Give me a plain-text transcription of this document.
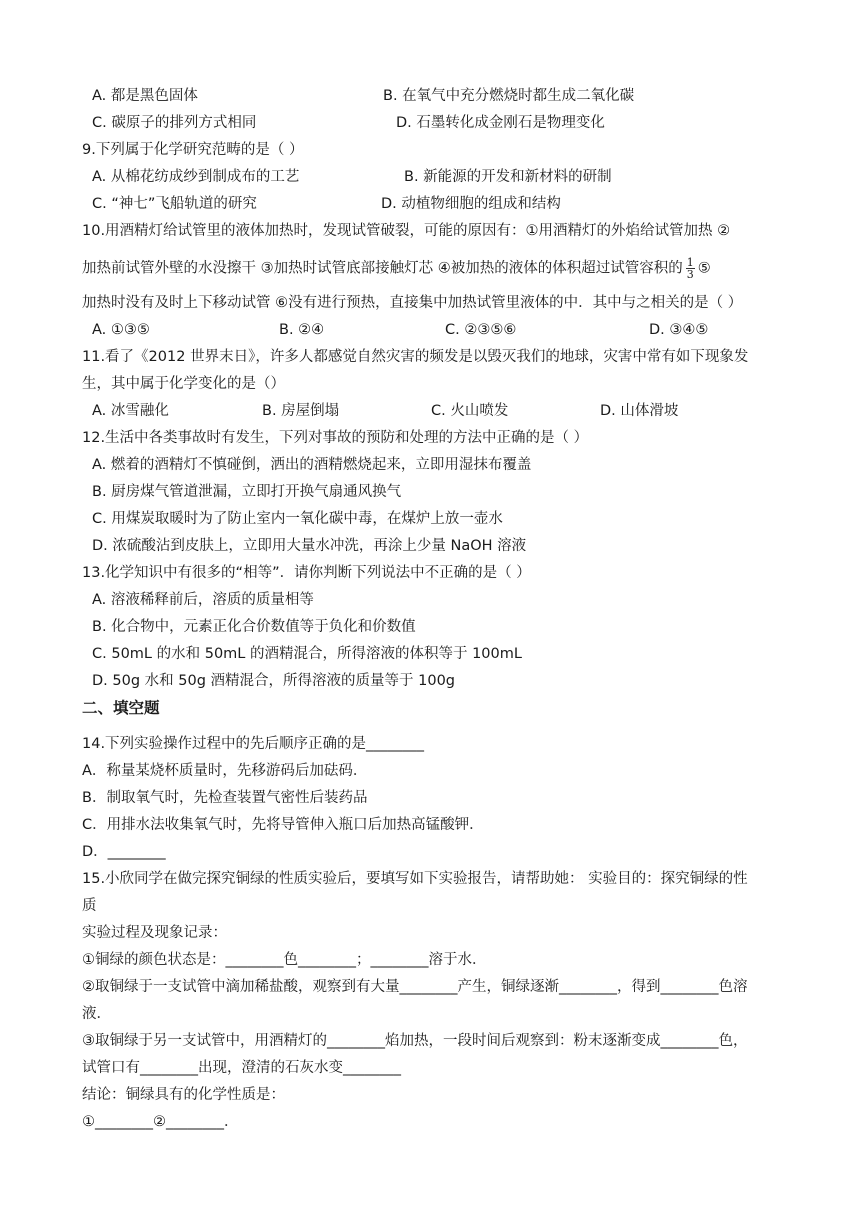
A. 都是黑色固体	B. 在氧气中充分燃烧时都生成二氧化碳
C. 碳原子的排列方式相同	D. 石墨转化成金刚石是物理变化
9.下列属于化学研究范畴的是（ ）
A. 从棉花纺成纱到制成布的工艺	B. 新能源的开发和新材料的研制
C. “神七”飞船轨道的研究	D. 动植物细胞的组成和结构
10.用酒精灯给试管里的液体加热时，发现试管破裂，可能的原因有：①用酒精灯的外焰给试管加热 ②
加热前试管外壁的水没擦干 ③加热时试管底部接触灯芯 ④被加热的液体的体积超过试管容积的 $\frac{1}{3}$ ⑤
加热时没有及时上下移动试管 ⑥没有进行预热，直接集中加热试管里液体的中．其中与之相关的是（ ）
A. ①③⑤	B. ②④	C. ②③⑤⑥	D. ③④⑤
11.看了《2012 世界末日》，许多人都感觉自然灾害的频发是以毁灭我们的地球，灾害中常有如下现象发
生，其中属于化学变化的是（）
A. 冰雪融化	B. 房屋倒塌	C. 火山喷发	D. 山体滑坡
12.生活中各类事故时有发生，下列对事故的预防和处理的方法中正确的是（ ）
A. 燃着的酒精灯不慎碰倒，洒出的酒精燃烧起来，立即用湿抹布覆盖
B. 厨房煤气管道泄漏，立即打开换气扇通风换气
C. 用煤炭取暖时为了防止室内一氧化碳中毒，在煤炉上放一壶水
D. 浓硫酸沾到皮肤上，立即用大量水冲洗，再涂上少量 NaOH 溶液
13.化学知识中有很多的“相等”．请你判断下列说法中不正确的是（ ）
A. 溶液稀释前后，溶质的质量相等
B. 化合物中，元素正化合价数值等于负化和价数值
C. 50mL 的水和 50mL 的酒精混合，所得溶液的体积等于 100mL
D. 50g 水和 50g 酒精混合，所得溶液的质量等于 100g
二、填空题
14.下列实验操作过程中的先后顺序正确的是________
A．称量某烧杯质量时，先移游码后加砝码．
B．制取氧气时，先检查装置气密性后装药品
C．用排水法收集氧气时，先将导管伸入瓶口后加热高锰酸钾．
D．________
15.小欣同学在做完探究铜绿的性质实验后，要填写如下实验报告，请帮助她： 实验目的：探究铜绿的性
质
实验过程及现象记录：
①铜绿的颜色状态是：________色________；________溶于水．
②取铜绿于一支试管中滴加稀盐酸，观察到有大量________产生，铜绿逐渐________，得到________色溶
液．
③取铜绿于另一支试管中，用酒精灯的________焰加热，一段时间后观察到：粉末逐渐变成________色，
试管口有________出现，澄清的石灰水变________
结论：铜绿具有的化学性质是：
①________②________．
